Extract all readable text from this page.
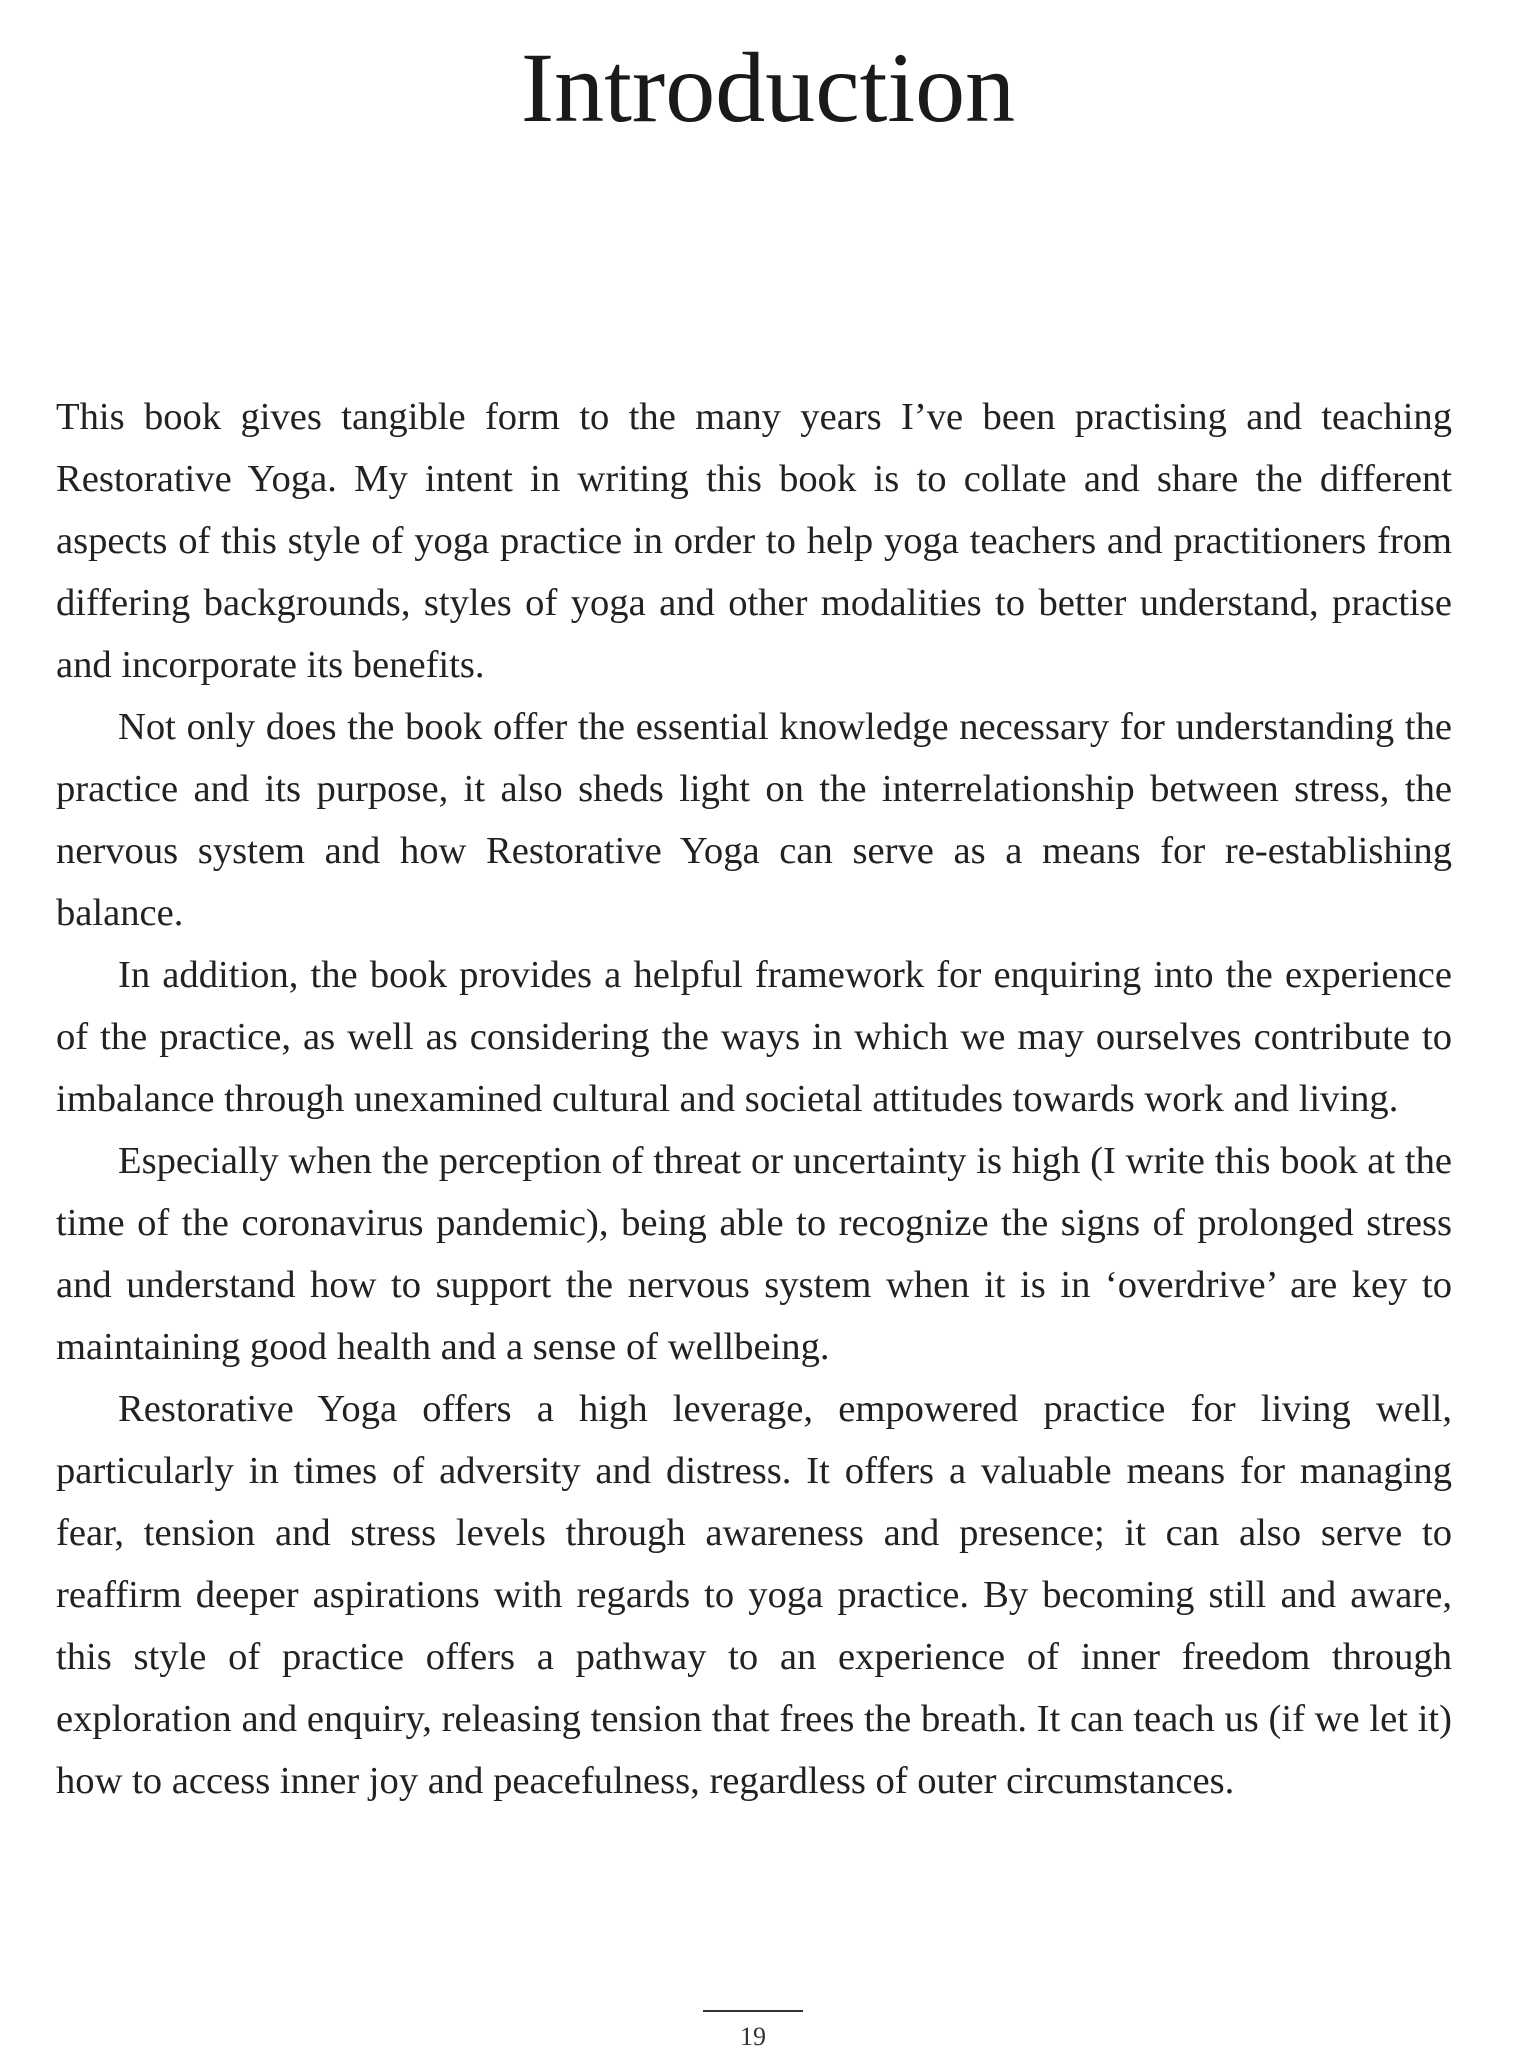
Introduction

This book gives tangible form to the many years I’ve been practising and teaching Restorative Yoga. My intent in writing this book is to collate and share the different aspects of this style of yoga practice in order to help yoga teachers and practitioners from differing backgrounds, styles of yoga and other modalities to better understand, practise and incorporate its benefits.

Not only does the book offer the essential knowledge necessary for understanding the practice and its purpose, it also sheds light on the interrelationship between stress, the nervous system and how Restorative Yoga can serve as a means for re-establishing balance.

In addition, the book provides a helpful framework for enquiring into the experience of the practice, as well as considering the ways in which we may ourselves contribute to imbalance through unexamined cultural and societal attitudes towards work and living.

Especially when the perception of threat or uncertainty is high (I write this book at the time of the coronavirus pandemic), being able to recognize the signs of prolonged stress and understand how to support the nervous system when it is in ‘overdrive’ are key to maintaining good health and a sense of wellbeing.

Restorative Yoga offers a high leverage, empowered practice for living well, particularly in times of adversity and distress. It offers a valuable means for managing fear, tension and stress levels through awareness and presence; it can also serve to reaffirm deeper aspirations with regards to yoga practice. By becoming still and aware, this style of practice offers a pathway to an experience of inner freedom through exploration and enquiry, releasing tension that frees the breath. It can teach us (if we let it) how to access inner joy and peacefulness, regardless of outer circumstances.

19
